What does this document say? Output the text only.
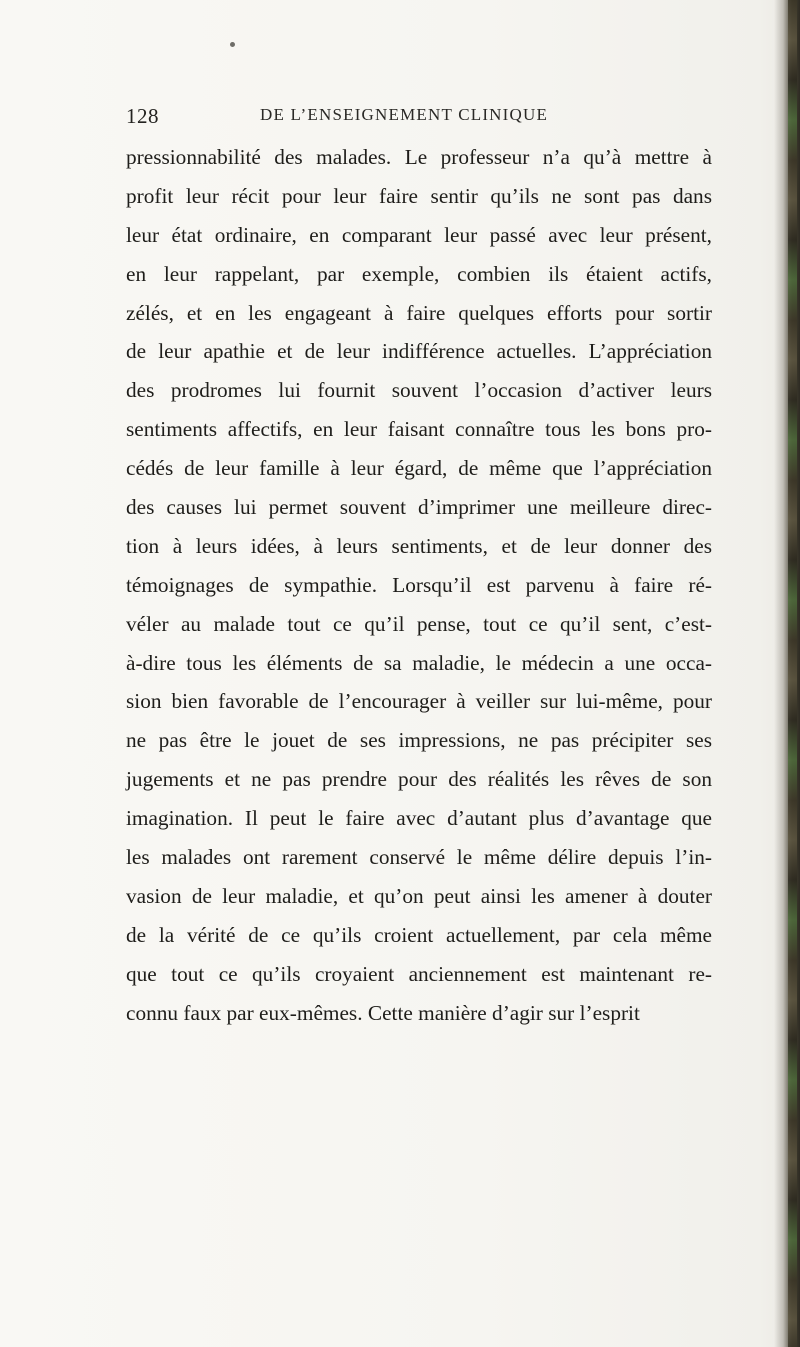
128	DE L’ENSEIGNEMENT CLINIQUE
pressionnabilité des malades. Le professeur n’a qu’à mettre à
profit leur récit pour leur faire sentir qu’ils ne sont pas dans
leur état ordinaire, en comparant leur passé avec leur présent,
en leur rappelant, par exemple, combien ils étaient actifs,
zélés, et en les engageant à faire quelques efforts pour sortir
de leur apathie et de leur indifférence actuelles. L’appréciation
des prodromes lui fournit souvent l’occasion d’activer leurs
sentiments affectifs, en leur faisant connaître tous les bons pro-
cédés de leur famille à leur égard, de même que l’appréciation
des causes lui permet souvent d’imprimer une meilleure direc-
tion à leurs idées, à leurs sentiments, et de leur donner des
témoignages de sympathie. Lorsqu’il est parvenu à faire ré-
véler au malade tout ce qu’il pense, tout ce qu’il sent, c’est-
à-dire tous les éléments de sa maladie, le médecin a une occa-
sion bien favorable de l’encourager à veiller sur lui-même, pour
ne pas être le jouet de ses impressions, ne pas précipiter ses
jugements et ne pas prendre pour des réalités les rêves de son
imagination. Il peut le faire avec d’autant plus d’avantage que
les malades ont rarement conservé le même délire depuis l’in-
vasion de leur maladie, et qu’on peut ainsi les amener à douter
de la vérité de ce qu’ils croient actuellement, par cela même
que tout ce qu’ils croyaient anciennement est maintenant re-
connu faux par eux-mêmes. Cette manière d’agir sur l’esprit
